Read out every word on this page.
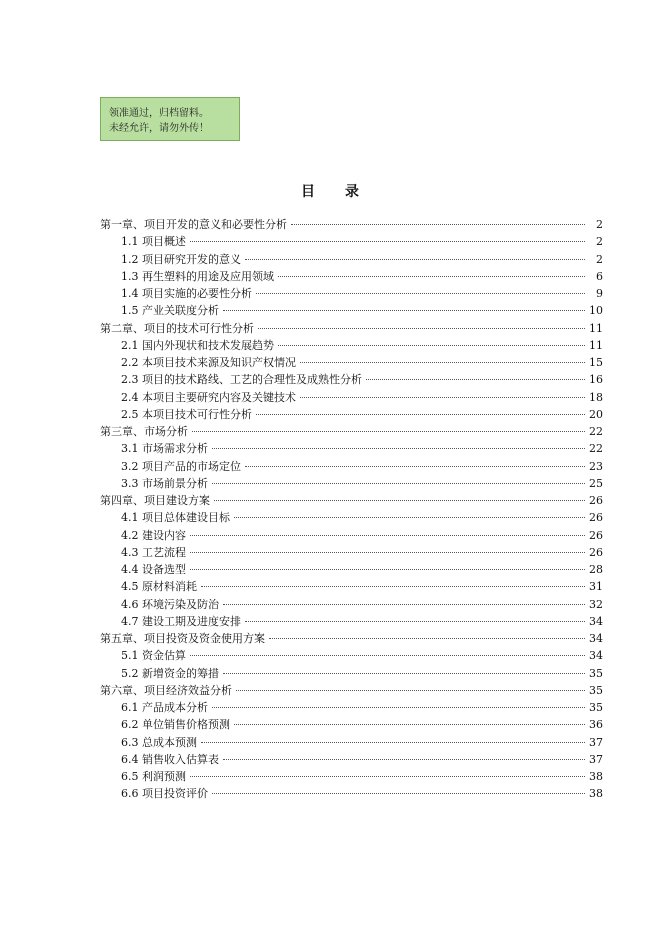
领准通过，归档留料。
未经允许，请勿外传！
目 录
第一章、项目开发的意义和必要性分析	2
1.1 项目概述	2
1.2 项目研究开发的意义	2
1.3 再生塑料的用途及应用领域	6
1.4 项目实施的必要性分析	9
1.5 产业关联度分析	10
第二章、项目的技术可行性分析	11
2.1 国内外现状和技术发展趋势	11
2.2 本项目技术来源及知识产权情况	15
2.3 项目的技术路线、工艺的合理性及成熟性分析	16
2.4 本项目主要研究内容及关键技术	18
2.5 本项目技术可行性分析	20
第三章、市场分析	22
3.1 市场需求分析	22
3.2 项目产品的市场定位	23
3.3 市场前景分析	25
第四章、项目建设方案	26
4.1 项目总体建设目标	26
4.2 建设内容	26
4.3 工艺流程	26
4.4 设备选型	28
4.5 原材料消耗	31
4.6 环境污染及防治	32
4.7 建设工期及进度安排	34
第五章、项目投资及资金使用方案	34
5.1 资金估算	34
5.2 新增资金的筹措	35
第六章、项目经济效益分析	35
6.1 产品成本分析	35
6.2 单位销售价格预测	36
6.3 总成本预测	37
6.4 销售收入估算表	37
6.5 利润预测	38
6.6 项目投资评价	38
